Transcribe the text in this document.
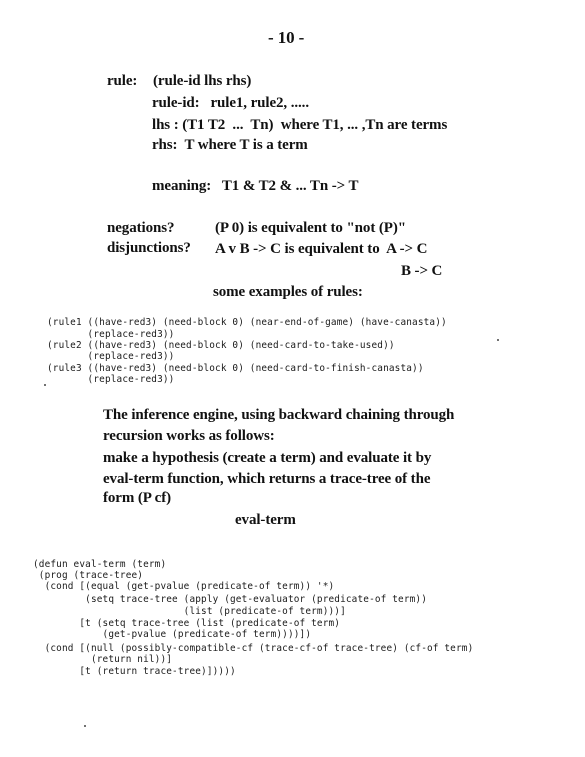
- 10 -
rule: (rule-id lhs rhs)
rule-id:   rule1, rule2, .....
lhs : (T1 T2  ...  Tn)  where T1, ... ,Tn are terms
rhs:  T where T is a term
meaning:   T1 & T2 & ... Tn -> T
negations?	(P 0) is equivalent to "not (P)"
disjunctions? A v B -> C is equivalent to  A -> C
B -> C
some examples of rules:
(rule1 ((have-red3) (need-block 0) (near-end-of-game) (have-canasta))
(replace-red3))
(rule2 ((have-red3) (need-block 0) (need-card-to-take-used))
(replace-red3))
(rule3 ((have-red3) (need-block 0) (need-card-to-finish-canasta))
(replace-red3))
The inference engine, using backward chaining through
recursion works as follows:
make a hypothesis (create a term) and evaluate it by
eval-term function, which returns a trace-tree of the
form (P cf)
eval-term
(defun eval-term (term)
(prog (trace-tree)
(cond [(equal (get-pvalue (predicate-of term)) '*)
(setq trace-tree (apply (get-evaluator (predicate-of term))
(list (predicate-of term)))]
[t (setq trace-tree (list (predicate-of term)
(get-pvalue (predicate-of term))))])
(cond [(null (possibly-compatible-cf (trace-cf-of trace-tree) (cf-of term)
(return nil))]
[t (return trace-tree)]))))
